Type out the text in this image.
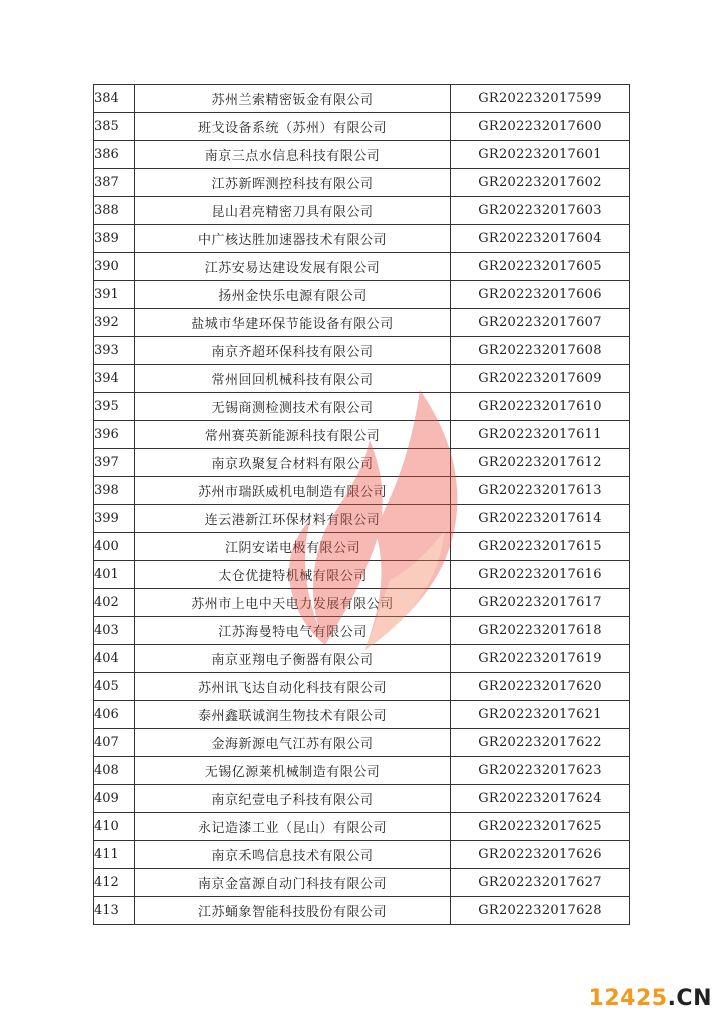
384	苏州兰索精密钣金有限公司	GR202232017599
385	班戈设备系统（苏州）有限公司	GR202232017600
386	南京三点水信息科技有限公司	GR202232017601
387	江苏新晖测控科技有限公司	GR202232017602
388	昆山君亮精密刀具有限公司	GR202232017603
389	中广核达胜加速器技术有限公司	GR202232017604
390	江苏安易达建设发展有限公司	GR202232017605
391	扬州金快乐电源有限公司	GR202232017606
392	盐城市华建环保节能设备有限公司	GR202232017607
393	南京齐超环保科技有限公司	GR202232017608
394	常州回回机械科技有限公司	GR202232017609
395	无锡商测检测技术有限公司	GR202232017610
396	常州赛英新能源科技有限公司	GR202232017611
397	南京玖聚复合材料有限公司	GR202232017612
398	苏州市瑞跃威机电制造有限公司	GR202232017613
399	连云港新江环保材料有限公司	GR202232017614
400	江阴安诺电极有限公司	GR202232017615
401	太仓优捷特机械有限公司	GR202232017616
402	苏州市上电中天电力发展有限公司	GR202232017617
403	江苏海曼特电气有限公司	GR202232017618
404	南京亚翔电子衡器有限公司	GR202232017619
405	苏州讯飞达自动化科技有限公司	GR202232017620
406	泰州鑫联诚润生物技术有限公司	GR202232017621
407	金海新源电气江苏有限公司	GR202232017622
408	无锡亿源莱机械制造有限公司	GR202232017623
409	南京纪壹电子科技有限公司	GR202232017624
410	永记造漆工业（昆山）有限公司	GR202232017625
411	南京禾鸣信息技术有限公司	GR202232017626
412	南京金富源自动门科技有限公司	GR202232017627
413	江苏蛹象智能科技股份有限公司	GR202232017628
12425.CN
